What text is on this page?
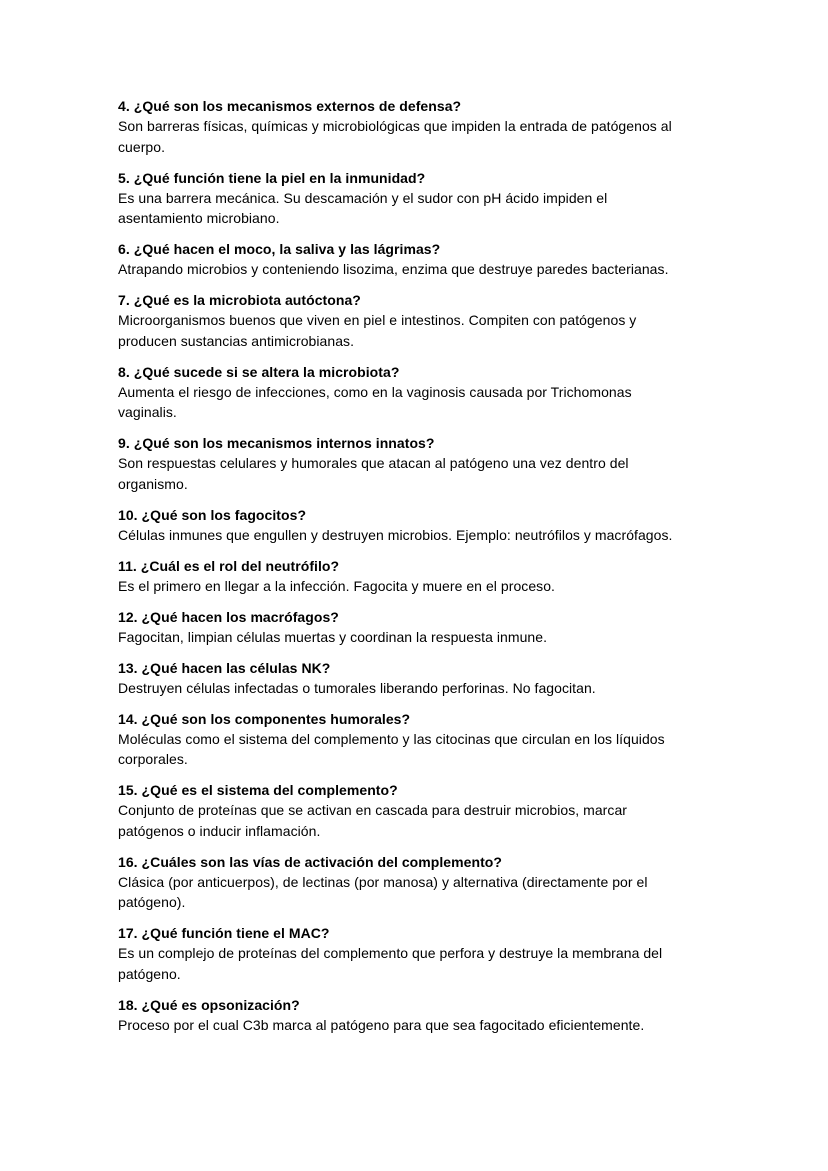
4. ¿Qué son los mecanismos externos de defensa?
Son barreras físicas, químicas y microbiológicas que impiden la entrada de patógenos al
cuerpo.
5. ¿Qué función tiene la piel en la inmunidad?
Es una barrera mecánica. Su descamación y el sudor con pH ácido impiden el
asentamiento microbiano.
6. ¿Qué hacen el moco, la saliva y las lágrimas?
Atrapando microbios y conteniendo lisozima, enzima que destruye paredes bacterianas.
7. ¿Qué es la microbiota autóctona?
Microorganismos buenos que viven en piel e intestinos. Compiten con patógenos y
producen sustancias antimicrobianas.
8. ¿Qué sucede si se altera la microbiota?
Aumenta el riesgo de infecciones, como en la vaginosis causada por Trichomonas
vaginalis.
9. ¿Qué son los mecanismos internos innatos?
Son respuestas celulares y humorales que atacan al patógeno una vez dentro del
organismo.
10. ¿Qué son los fagocitos?
Células inmunes que engullen y destruyen microbios. Ejemplo: neutrófilos y macrófagos.
11. ¿Cuál es el rol del neutrófilo?
Es el primero en llegar a la infección. Fagocita y muere en el proceso.
12. ¿Qué hacen los macrófagos?
Fagocitan, limpian células muertas y coordinan la respuesta inmune.
13. ¿Qué hacen las células NK?
Destruyen células infectadas o tumorales liberando perforinas. No fagocitan.
14. ¿Qué son los componentes humorales?
Moléculas como el sistema del complemento y las citocinas que circulan en los líquidos
corporales.
15. ¿Qué es el sistema del complemento?
Conjunto de proteínas que se activan en cascada para destruir microbios, marcar
patógenos o inducir inflamación.
16. ¿Cuáles son las vías de activación del complemento?
Clásica (por anticuerpos), de lectinas (por manosa) y alternativa (directamente por el
patógeno).
17. ¿Qué función tiene el MAC?
Es un complejo de proteínas del complemento que perfora y destruye la membrana del
patógeno.
18. ¿Qué es opsonización?
Proceso por el cual C3b marca al patógeno para que sea fagocitado eficientemente.
